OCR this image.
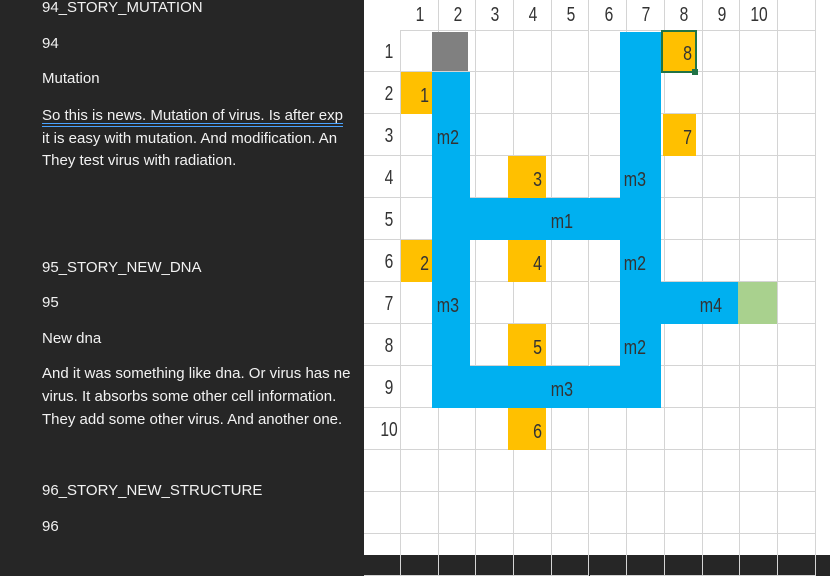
94_STORY_MUTATION
94
Mutation
So this is news. Mutation of virus. Is after exp
it is easy with mutation. And modification. An
They test virus with radiation.
95_STORY_NEW_DNA
95
New dna
And it was something like dna. Or virus has ne
virus. It absorbs some other cell information.
They add some other virus. And another one.
96_STORY_NEW_STRUCTURE
96
1
2
3
4
5
6
7
8
m2
m3
m3
m1
m2
m4
m2
m3
1 2 3 4 5 6 7 8 9 10
1
2
3
4
5
6
7
8
9
10
